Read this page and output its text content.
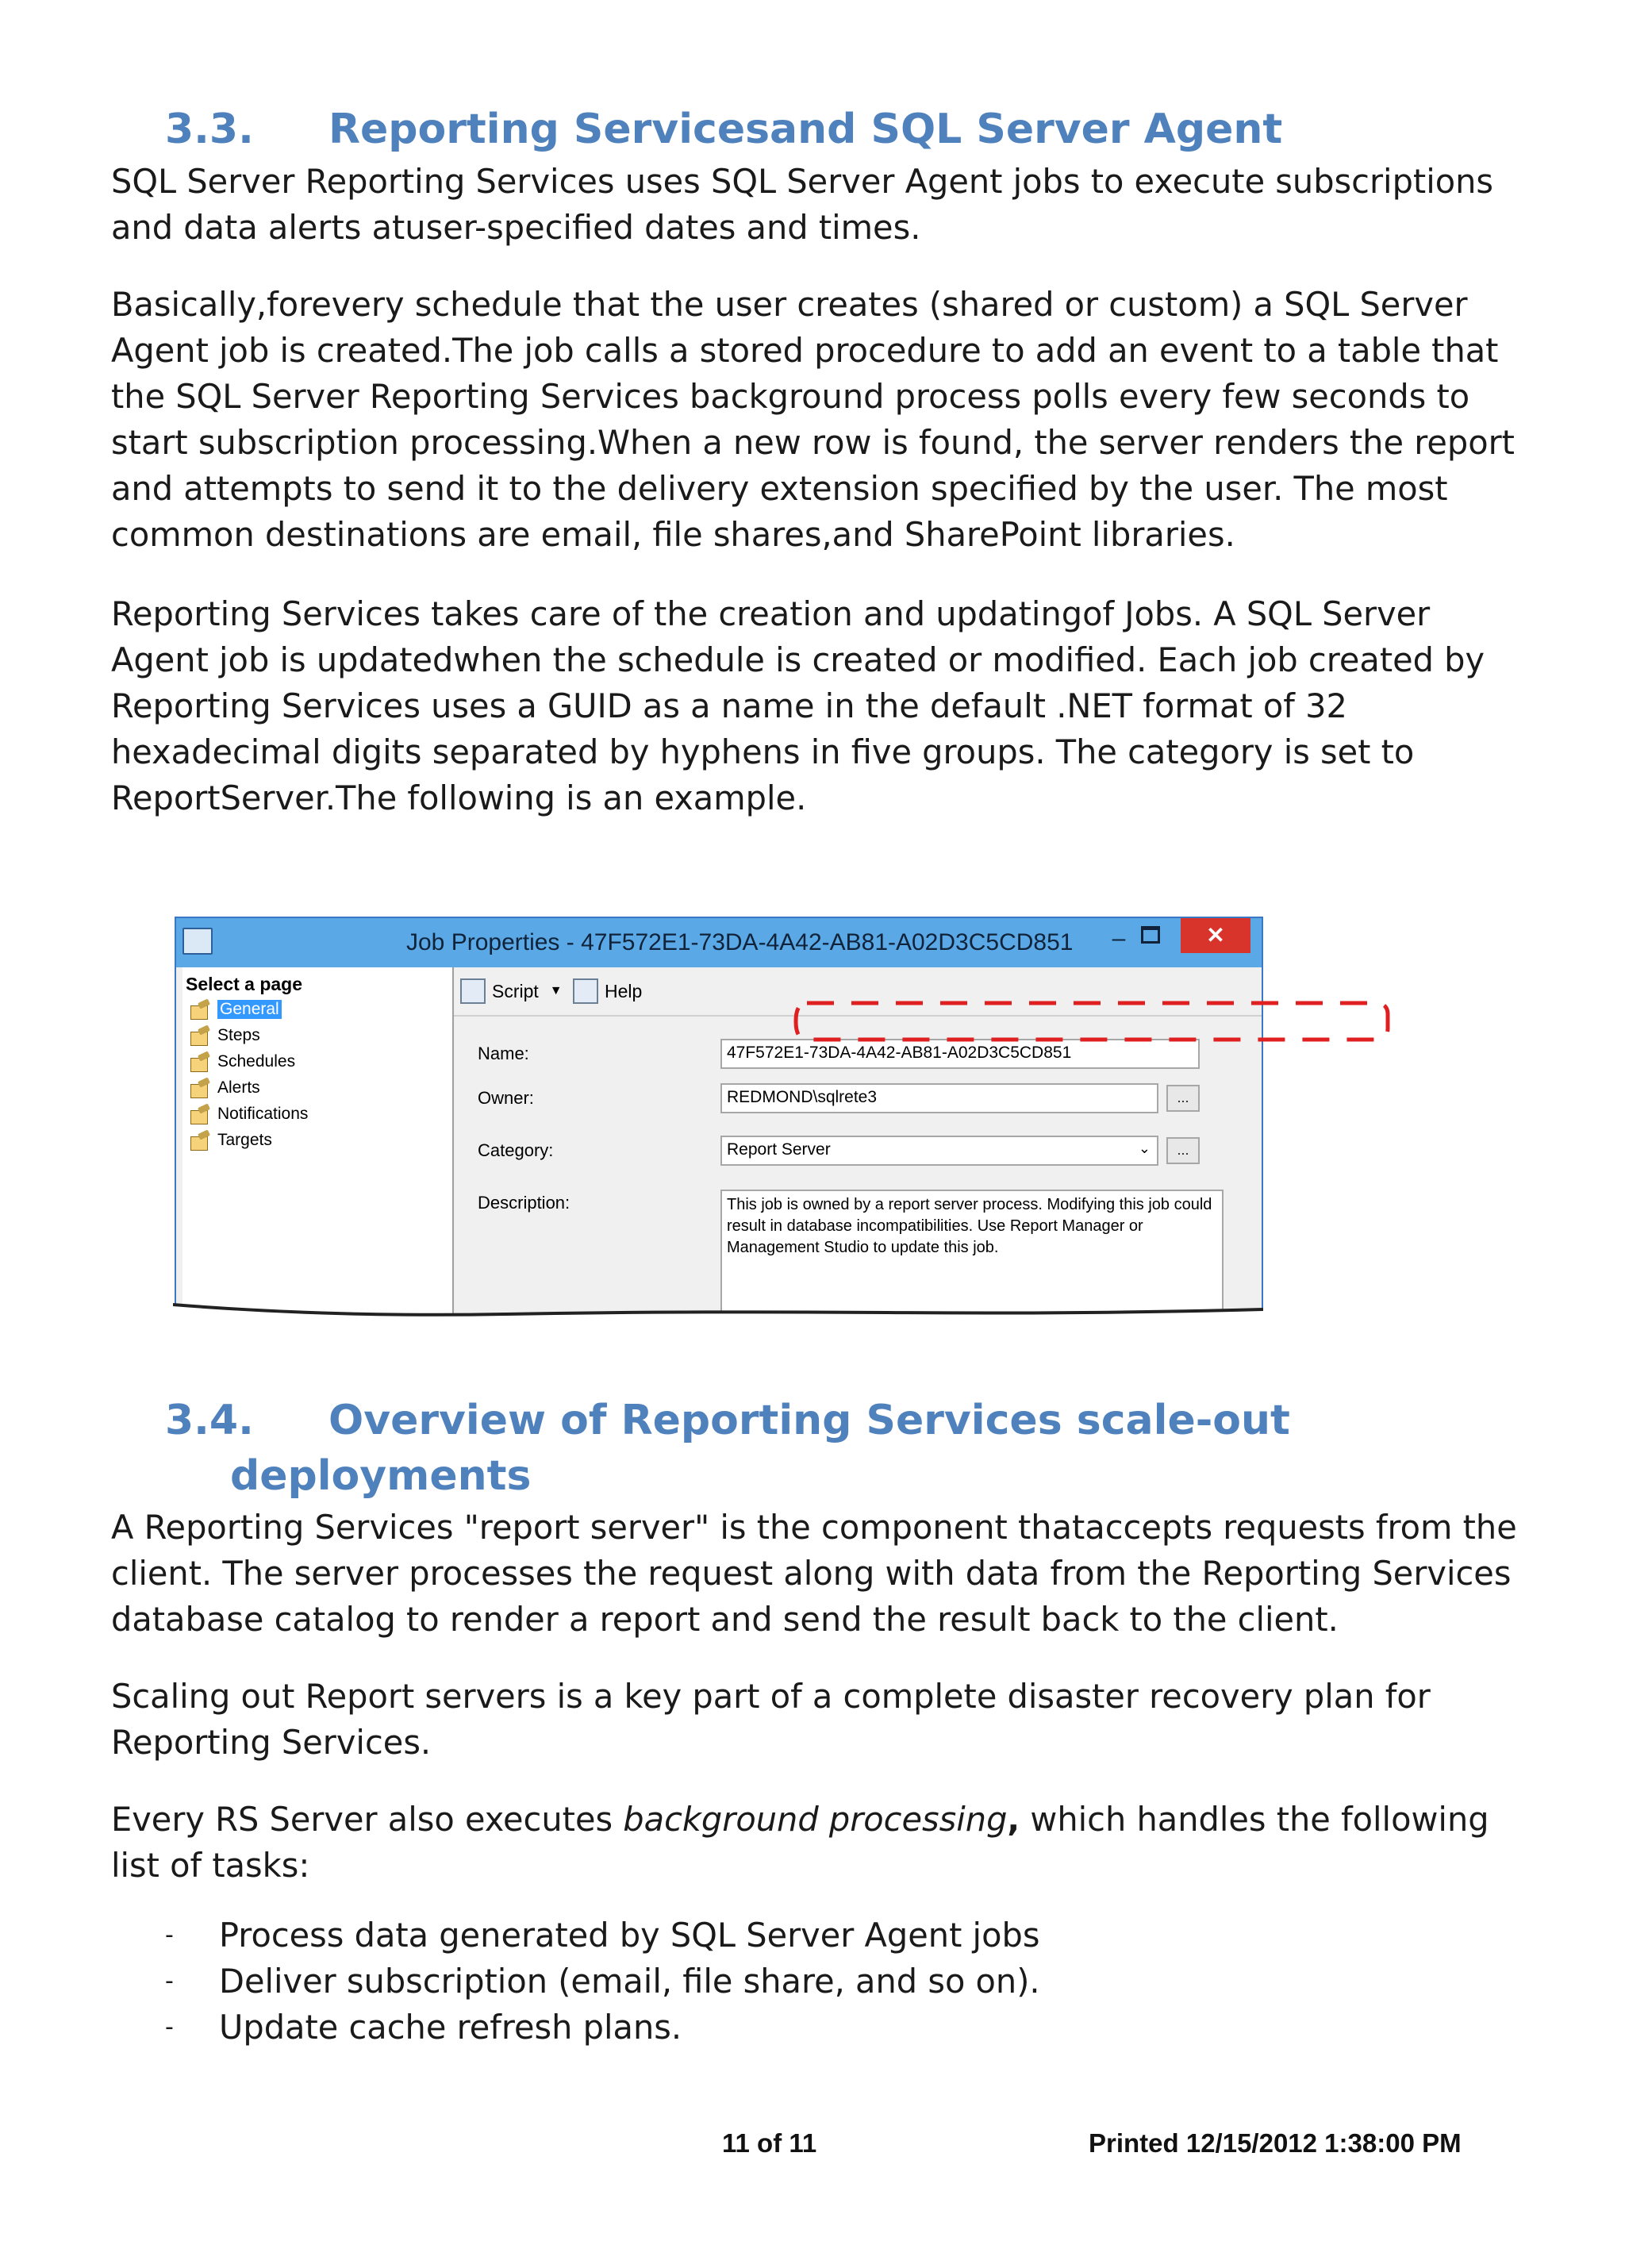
3.3. Reporting Servicesand SQL Server Agent

SQL Server Reporting Services uses SQL Server Agent jobs to execute subscriptions and data alerts atuser-specified dates and times.

Basically,forevery schedule that the user creates (shared or custom) a SQL Server Agent job is created.The job calls a stored procedure to add an event to a table that the SQL Server Reporting Services background process polls every few seconds to start subscription processing.When a new row is found, the server renders the report and attempts to send it to the delivery extension specified by the user. The most common destinations are email, file shares,and SharePoint libraries.

Reporting Services takes care of the creation and updatingof Jobs. A SQL Server Agent job is updatedwhen the schedule is created or modified. Each job created by Reporting Services uses a GUID as a name in the default .NET format of 32 hexadecimal digits separated by hyphens in five groups. The category is set to ReportServer.The following is an example.

Job Properties - 47F572E1-73DA-4A42-AB81-A02D3C5CD851	–	✕
Select a page
General
Steps
Schedules
Alerts
Notifications
Targets
Script ▼ Help
Name:	47F572E1-73DA-4A42-AB81-A02D3C5CD851
Owner:	REDMOND\sqlrete3	...
Category:	Report Server	⌄	...
Description:	This job is owned by a report server process. Modifying this job could result in database incompatibilities. Use Report Manager or Management Studio to update this job.
3.4. Overview of Reporting Services scale-out
deployments

A Reporting Services "report server" is the component thataccepts requests from the client. The server processes the request along with data from the Reporting Services database catalog to render a report and send the result back to the client.

Scaling out Report servers is a key part of a complete disaster recovery plan for Reporting Services.

Every RS Server also executes background processing, which handles the following list of tasks:

- Process data generated by SQL Server Agent jobs
- Deliver subscription (email, file share, and so on).
- Update cache refresh plans.
11 of 11	Printed 12/15/2012 1:38:00 PM
